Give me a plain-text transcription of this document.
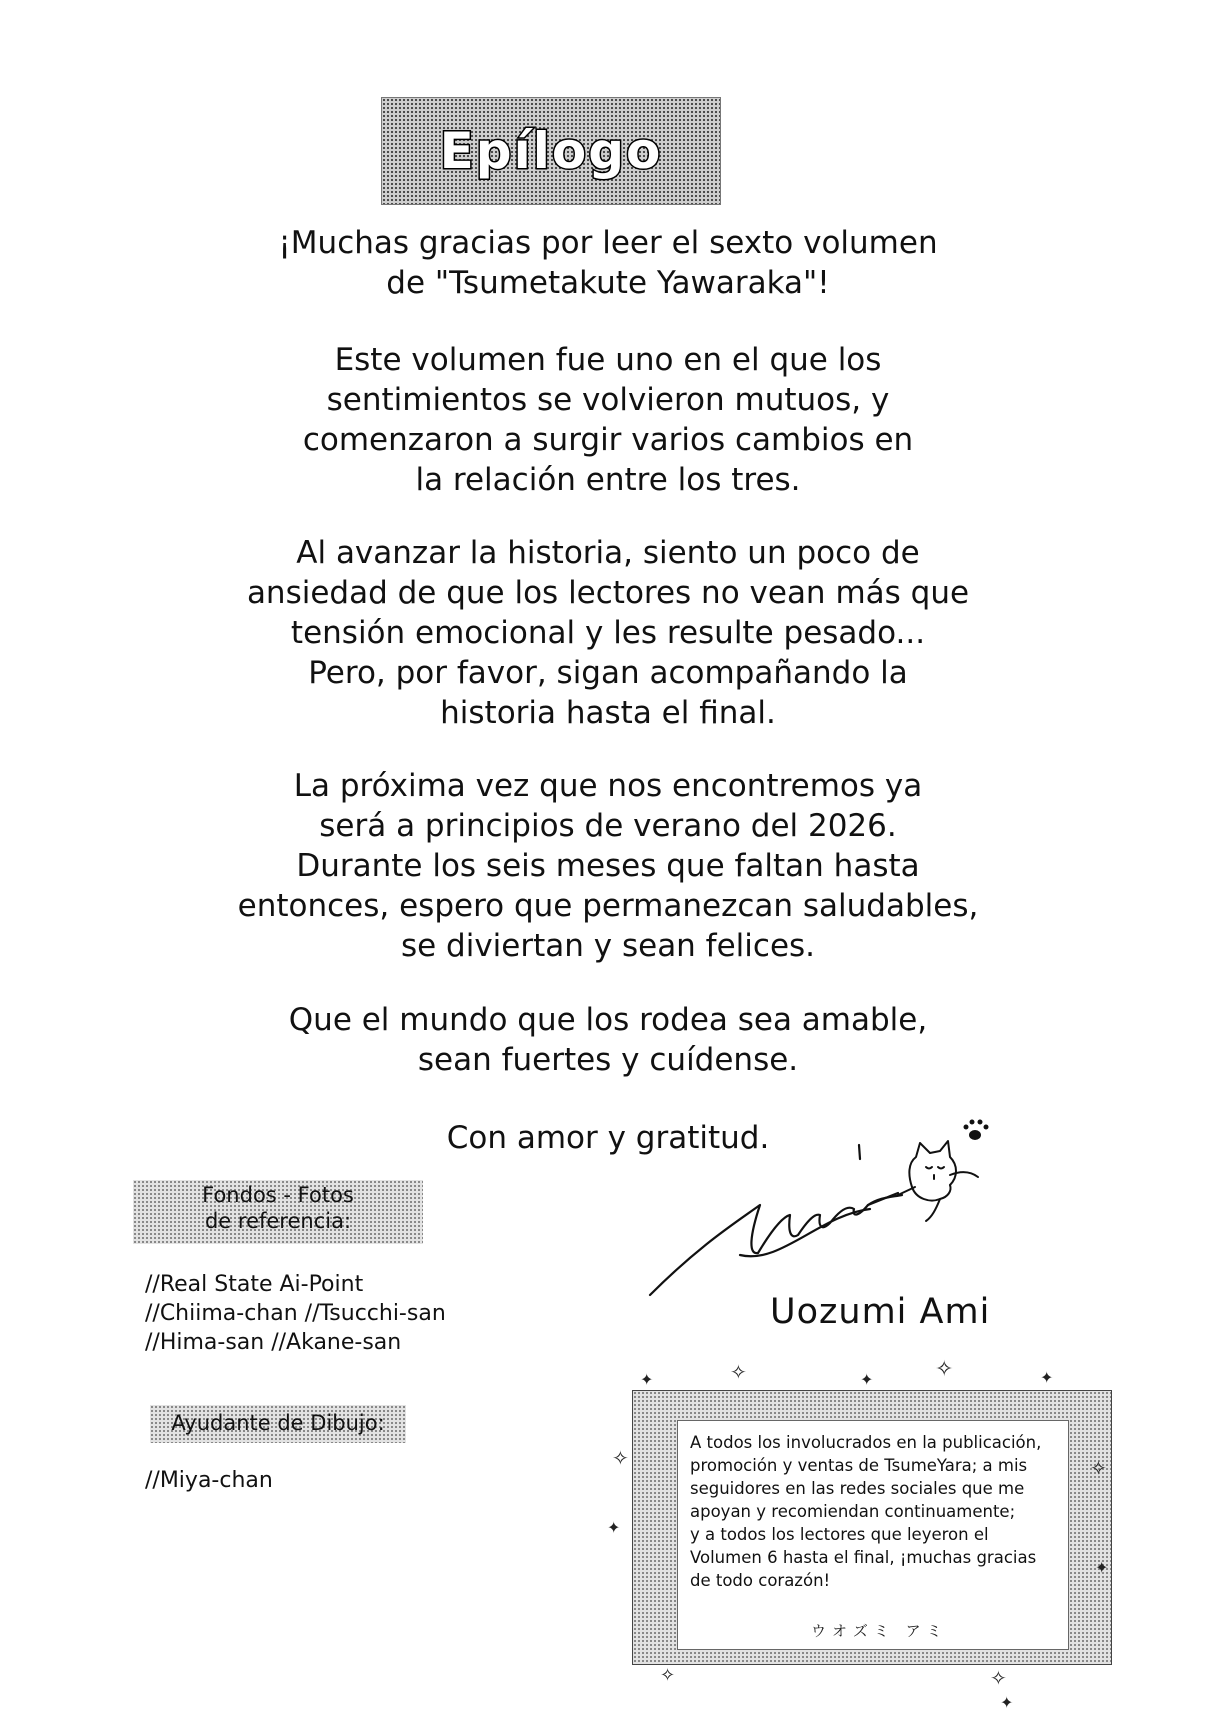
Epílogo
¡Muchas gracias por leer el sexto volumen
de "Tsumetakute Yawaraka"!
Este volumen fue uno en el que los
sentimientos se volvieron mutuos, y
comenzaron a surgir varios cambios en
la relación entre los tres.
Al avanzar la historia, siento un poco de
ansiedad de que los lectores no vean más que
tensión emocional y les resulte pesado...
Pero, por favor, sigan acompañando la
historia hasta el final.
La próxima vez que nos encontremos ya
será a principios de verano del 2026.
Durante los seis meses que faltan hasta
entonces, espero que permanezcan saludables,
se diviertan y sean felices.
Que el mundo que los rodea sea amable,
sean fuertes y cuídense.
Con amor y gratitud.
Fondos - Fotos
de referencia:
//Real State Ai-Point
//Chiima-chan //Tsucchi-san
//Hima-san //Akane-san
Ayudante de Dibujo:
//Miya-chan
Uozumi Ami
A todos los involucrados en la publicación,
promoción y ventas de TsumeYara; a mis
seguidores en las redes sociales que me
apoyan y recomiendan continuamente;
y a todos los lectores que leyeron el
Volumen 6 hasta el final, ¡muchas gracias
de todo corazón!
ウオズミ アミ
✦	✧	✦	✧	✦
✧
✦
✧
✦
✧	✧
✦
